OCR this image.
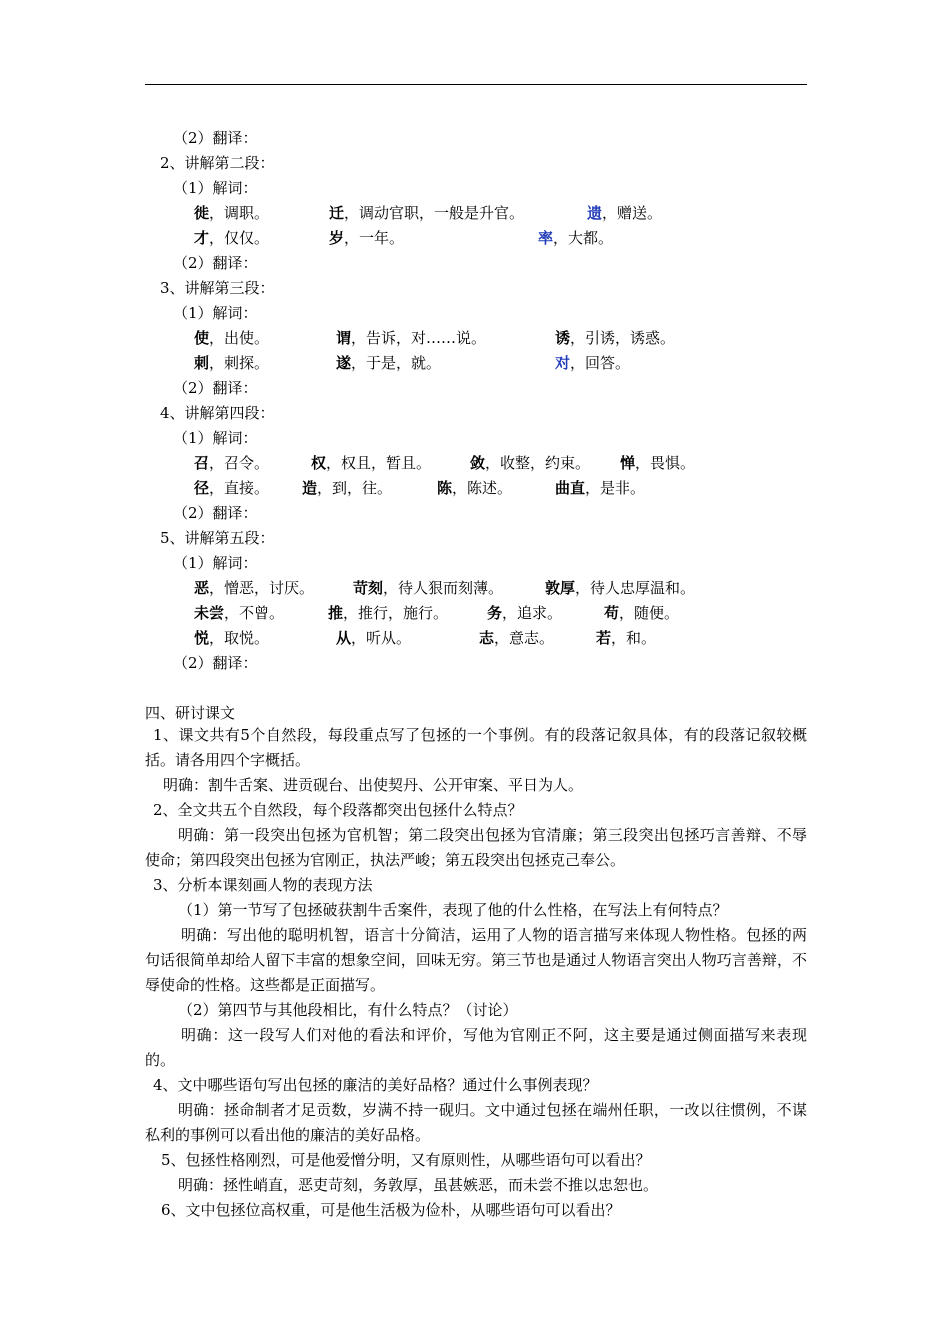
（2）翻译：
2、讲解第二段：
（1）解词：
徙，调职。	迁，调动官职，一般是升官。	遗，赠送。
才，仅仅。	岁，一年。	率，大都。
（2）翻译：
3、讲解第三段：
（1）解词：
使，出使。	谓，告诉，对……说。	诱，引诱，诱惑。
刺，刺探。	遂，于是，就。	对，回答。
（2）翻译：
4、讲解第四段：
（1）解词：
召，召令。	权，权且，暂且。	敛，收整，约束。 惮，畏惧。
径，直接。 造，到，往。	陈，陈述。	曲直，是非。
（2）翻译：
5、讲解第五段：
（1）解词：
恶，憎恶，讨厌。	苛刻，待人狠而刻薄。	敦厚，待人忠厚温和。
未尝，不曾。	推，推行，施行。	务，追求。	苟，随便。
悦，取悦。	从，听从。	志，意志。	若，和。
（2）翻译：
四、研讨课文
1、课文共有5个自然段，每段重点写了包拯的一个事例。有的段落记叙具体，有的段落记叙较概括。请各用四个字概括。
明确：割牛舌案、进贡砚台、出使契丹、公开审案、平日为人。
2、全文共五个自然段，每个段落都突出包拯什么特点？
明确：第一段突出包拯为官机智；第二段突出包拯为官清廉；第三段突出包拯巧言善辩、不辱使命；第四段突出包拯为官刚正，执法严峻；第五段突出包拯克己奉公。
3、分析本课刻画人物的表现方法
（1）第一节写了包拯破获割牛舌案件，表现了他的什么性格，在写法上有何特点？
明确：写出他的聪明机智，语言十分简洁，运用了人物的语言描写来体现人物性格。包拯的两句话很简单却给人留下丰富的想象空间，回味无穷。第三节也是通过人物语言突出人物巧言善辩，不辱使命的性格。这些都是正面描写。
（2）第四节与其他段相比，有什么特点？（讨论）
明确：这一段写人们对他的看法和评价，写他为官刚正不阿，这主要是通过侧面描写来表现的。
4、文中哪些语句写出包拯的廉洁的美好品格？通过什么事例表现？
明确：拯命制者才足贡数，岁满不持一砚归。文中通过包拯在端州任职，一改以往惯例，不谋私利的事例可以看出他的廉洁的美好品格。
5、包拯性格刚烈，可是他爱憎分明，又有原则性，从哪些语句可以看出？
明确：拯性峭直，恶吏苛刻，务敦厚，虽甚嫉恶，而未尝不推以忠恕也。
6、文中包拯位高权重，可是他生活极为俭朴，从哪些语句可以看出？
